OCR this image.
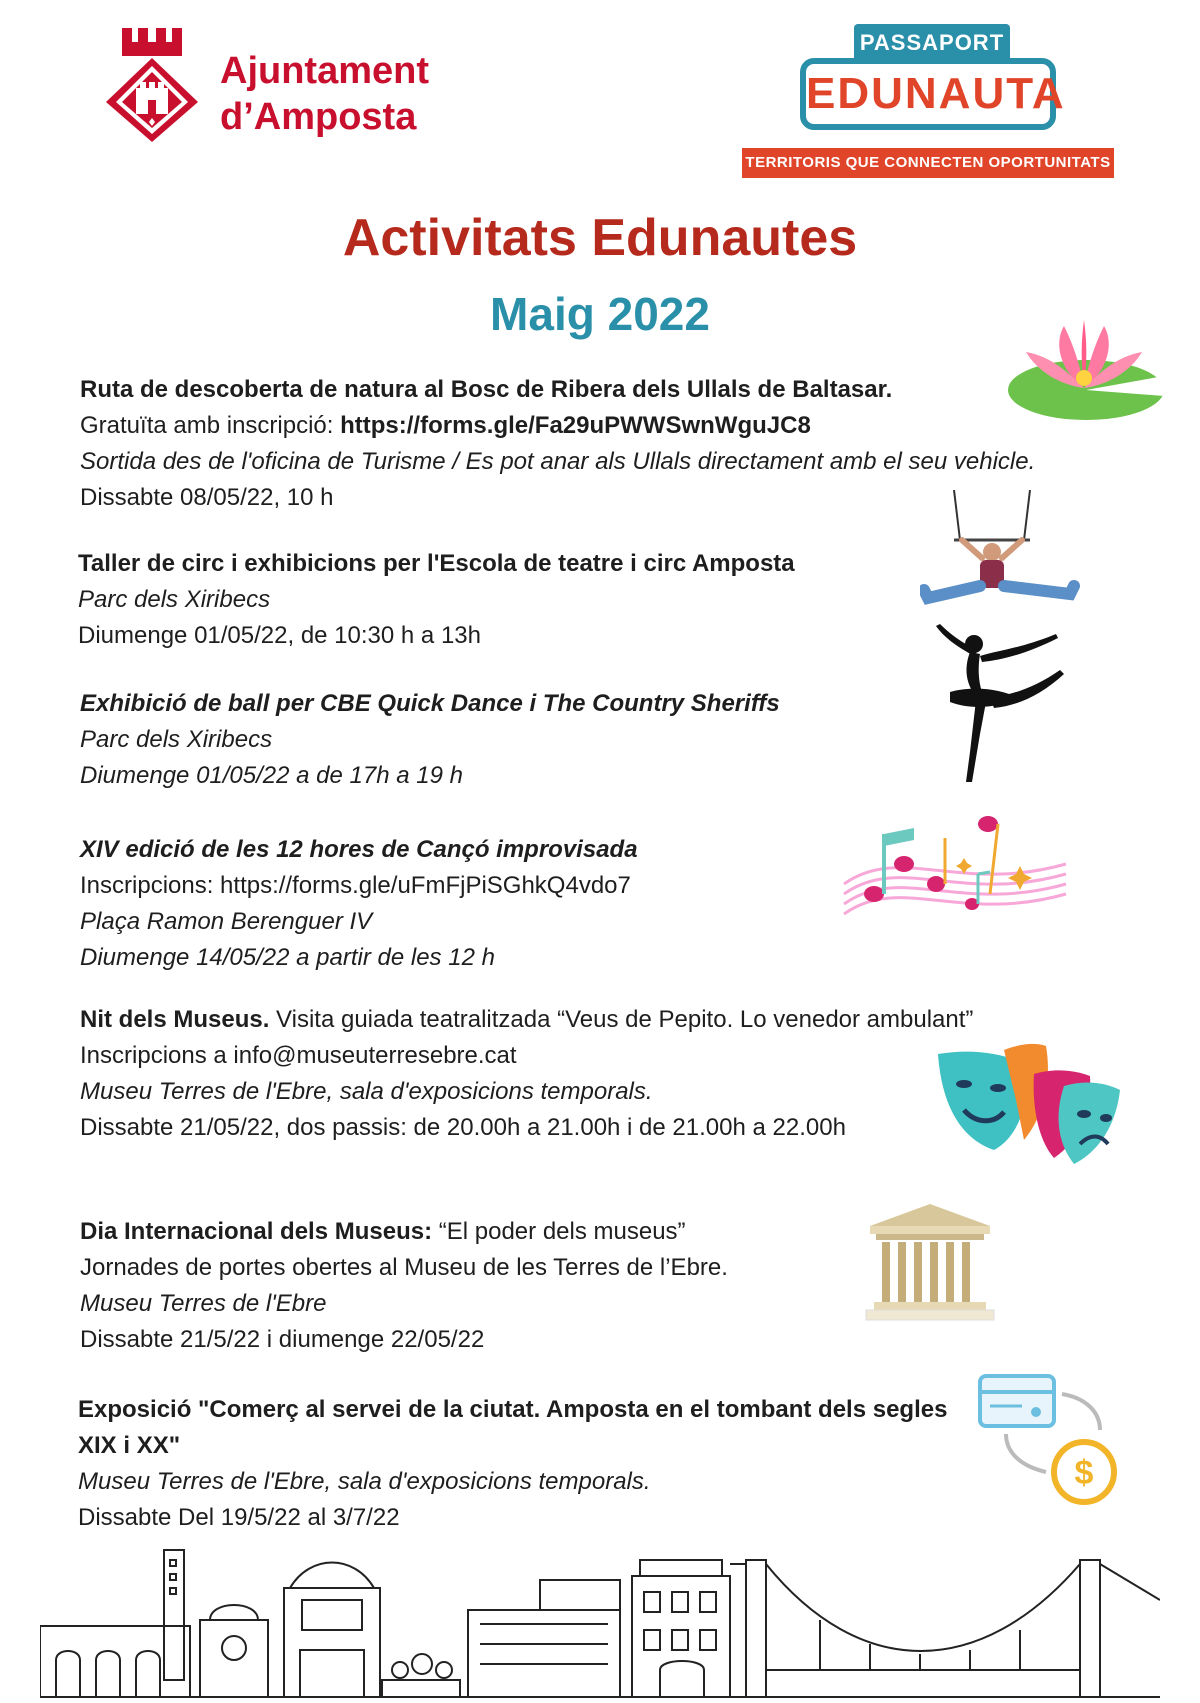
Ajuntament
d’Amposta
PASSAPORT
EDUNAUTA
TERRITORIS QUE CONNECTEN OPORTUNITATS
Activitats Edunautes
Maig 2022
Ruta de descoberta de natura al Bosc de Ribera dels Ullals de Baltasar.
Gratuïta amb inscripció: https://forms.gle/Fa29uPWWSwnWguJC8
Sortida des de l'oficina de Turisme / Es pot anar als Ullals directament amb el seu vehicle.
Dissabte 08/05/22, 10 h
Taller de circ i exhibicions per l'Escola de teatre i circ Amposta
Parc dels Xiribecs
Diumenge 01/05/22, de 10:30 h a 13h
Exhibició de ball per CBE Quick Dance i The Country Sheriffs
Parc dels Xiribecs
Diumenge 01/05/22 a de 17h a 19 h
XIV edició de les 12 hores de Cançó improvisada
Inscripcions: https://forms.gle/uFmFjPiSGhkQ4vdo7
Plaça Ramon Berenguer IV
Diumenge 14/05/22 a partir de les 12 h
Nit dels Museus. Visita guiada teatralitzada “Veus de Pepito. Lo venedor ambulant”
Inscripcions a info@museuterresebre.cat
Museu Terres de l'Ebre, sala d'exposicions temporals.
Dissabte 21/05/22, dos passis: de 20.00h a 21.00h i de 21.00h a 22.00h
Dia Internacional dels Museus: “El poder dels museus”
Jornades de portes obertes al Museu de les Terres de l’Ebre.
Museu Terres de l'Ebre
Dissabte 21/5/22 i diumenge 22/05/22
Exposició "Comerç al servei de la ciutat. Amposta en el tombant dels segles XIX i XX"
Museu Terres de l'Ebre, sala d'exposicions temporals.
Dissabte Del 19/5/22 al 3/7/22
$
